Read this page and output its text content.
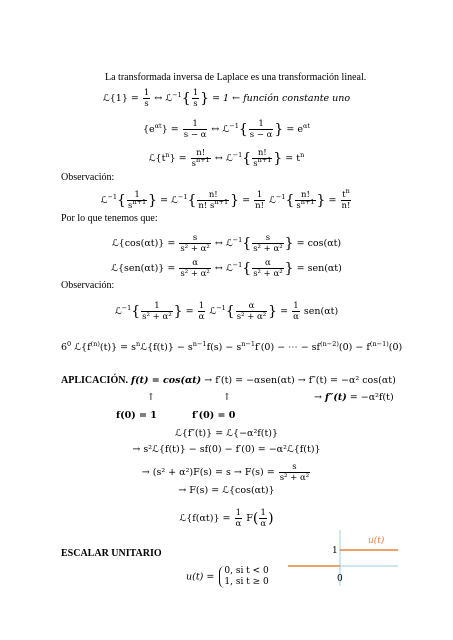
La transformada inversa de Laplace es una transformación lineal.
ℒ{1} = $\frac{1}{s}$ ↔ ℒ$^{-1}${ $\frac{1}{s}$ } = 1 ← función constante uno
$\{e^{\alpha t}\} = \frac{1}{s - \alpha}$ ↔ ℒ$^{-1}${ $\frac{1}{s - \alpha}$ } = $e^{\alpha t}$
$ℒ\{t^n\} = \frac{n!}{s^{n+1}}$ ↔ ℒ$^{-1}${ $\frac{n!}{s^{n+1}}$ } = $t^n$
Observación:
ℒ$^{-1}${ $\frac{1}{s^{n+1}}$ } = ℒ$^{-1}${ $\frac{n!}{n! s^{n+1}}$ } = $\frac{1}{n!}$ ℒ$^{-1}${ $\frac{n!}{s^{n+1}}$ } = $\frac{t^n}{n!}$
Por lo que tenemos que:
ℒ{cos(αt)} = $\frac{s}{\text{s² + α²}}$ ↔ ℒ$^{-1}${ $\frac{s}{\text{s² + α²}}$ } = cos(αt)
ℒ{sen(αt)} = $\frac{\alpha}{\text{s² + α²}}$ ↔ ℒ$^{-1}${ $\frac{\alpha}{\text{s² + α²}}$ } = sen(αt)
Observación:
ℒ$^{-1}${ $\frac{1}{\text{s² + α²}}$ } = $\frac{1}{\alpha}$ ℒ$^{-1}${ $\frac{\alpha}{\text{s² + α²}}$ } = $\frac{1}{\alpha} sen(\alpha t)$
$6^0$ $ℒ\{f^{(n)}(t)\}$ = $s^nℒ\{f(t)\} - s^{n-1}f(s) - s^{n-1}f'(0)$ − ⋯ − $sf^{(n-2)}(0) - f^{(n-1)}(0)$
APLICACIÓN. f(t) = cos(αt) → f′(t) = −αsen(αt) → f″(t) = −α² cos(αt)
↑	↑	→ f″(t) = −α²f(t)
f(0) = 1	f′(0) = 0
ℒ{f″(t)} = ℒ{−α²f(t)}
→ s²ℒ{f(t)} − sf(0) − f′(0) = −α²ℒ{f(t)}
→ $(s^2 + \alpha^2)F(s) = s \to F(s) = \frac{s}{\text{s² + α²}}$
→ F(s) = ℒ{cos(αt)}
ℒ{f(αt)} = $\frac{1}{\alpha} F( \frac{1}{\alpha}$ )
ESCALAR UNITARIO
u(t) =
0, si t < 0
1, si t ≥ 0
u(t)
1
0
